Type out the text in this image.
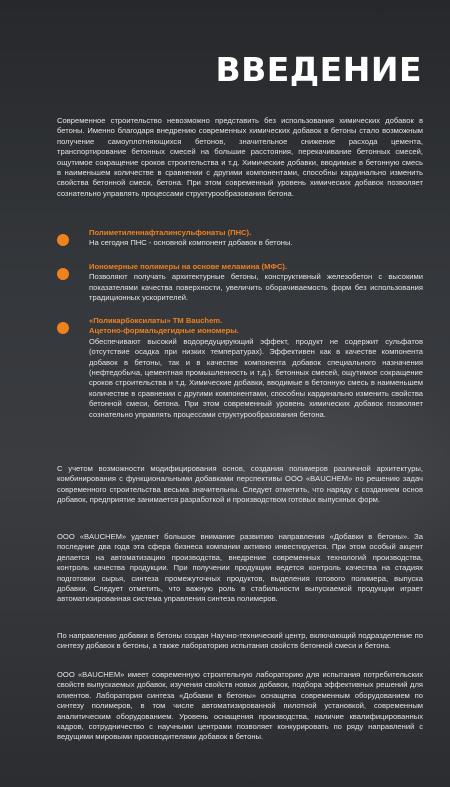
ВВЕДЕНИЕ

Современное строительство невозможно представить без использования химических добавок в бетоны. Именно благодаря внедрению современных химических добавок в бетоны стало возможным получение самоуплотняющихся бетонов, значительное снижение расхода цемента, транспортирование бетонных смесей на большие расстояния, перекачивание бетонных смесей, ощутимое сокращение сроков строительства и т.д. Химические добавки, вводимые в бетонную смесь в наименьшем количестве в сравнении с другими компонентами, способны кардинально изменить свойства бетонной смеси, бетона. При этом современный уровень химических добавок позволяет сознательно управлять процессами структурообразования бетона.

Полиметиленнафталинсульфонаты (ПНС).

На сегодня ПНС - основной компонент добавок в бетоны.

Иономерные полимеры на основе меламина (МФС).

Позволяют получать архитектурные бетоны, конструктивный железобетон с высокими показателями качества поверхности, увеличить оборачиваемость форм без использования традиционных ускорителей.

«Поликарбоксилаты» ТМ Bauchem.

Ацетоно-формальдегидные иономеры.

Обеспечивают высокий водоредуцирующий эффект, продукт не содержит сульфатов (отсутствие осадка при низких температурах). Эффективен как в качестве компонента добавок в бетоны, так и в качестве компонента добавок специального назначения (нефтедобыча, цементная промышленность и т.д.). бетонных смесей, ощутимое сокращение сроков строительства и т.д. Химические добавки, вводимые в бетонную смесь в наименьшем количестве в сравнении с другими компонентами, способны кардинально изменить свойства бетонной смеси, бетона. При этом современный уровень химических добавок позволяет сознательно управлять процессами структурообразования бетона.

С учетом возможности модифицирования основ, создания полимеров различной архитектуры, комбинирования с функциональными добавками перспективы ООО «BAUCHEM» по решению задач современного строительства весьма значительны. Следует отметить, что наряду с созданием основ добавок, предприятие занимается разработкой и производством готовых выпускных форм.

ООО «BAUCHEM» уделяет большое внимание развитию направления «Добавки в бетоны». За последние два года эта сфера бизнеса компании активно инвестируется. При этом особый акцент делается на автоматизацию производства, внедрение современных технологий производства, контроль качества продукции. При получении продукции ведется контроль качества на стадиях подготовки сырья, синтеза промежуточных продуктов, выделения готового полимера, выпуска добавки. Следует отметить, что важную роль в стабильности выпускаемой продукции играет автоматизированная система управления синтеза полимеров.

По направлению добавки в бетоны создан Научно-технический центр, включающий подразделение по синтезу добавок в бетоны, а также лабораторию испытания свойств бетонной смеси и бетона.

ООО «BAUCHEM» имеет современную строительную лабораторию для испытания потребительских свойств выпускаемых добавок, изучения свойств новых добавок, подбора эффективных решений для клиентов. Лаборатория синтеза «Добавки в бетоны» оснащена современным оборудованием по синтезу полимеров, в том числе автоматизированной пилотной установкой, современным аналитическим оборудованием. Уровень оснащения производства, наличие квалифицированных кадров, сотрудничество с научными центрами позволяет конкурировать по ряду направлений с ведущими мировыми производителями добавок в бетоны.
